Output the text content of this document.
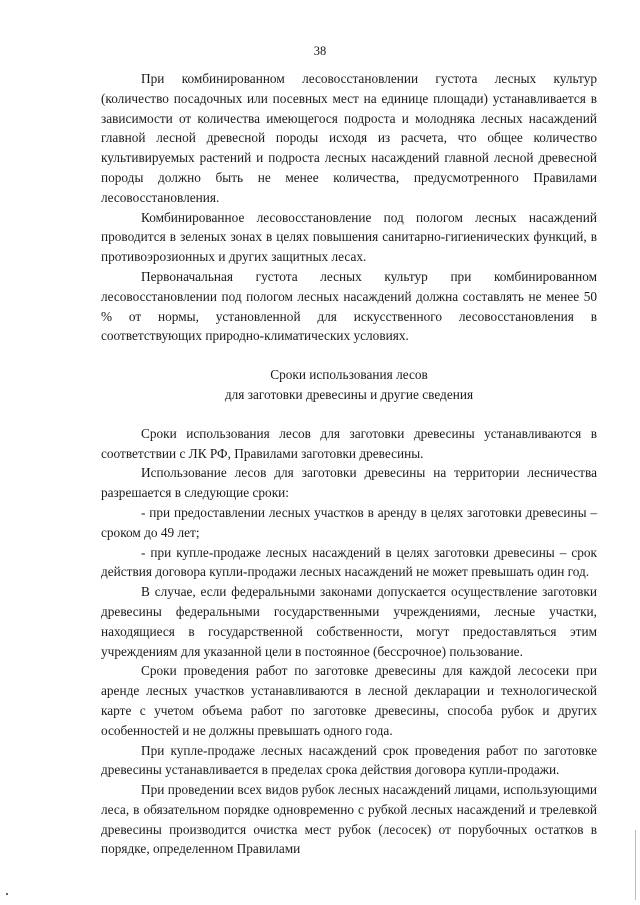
38

При комбинированном лесовосстановлении густота лесных культур (количество посадочных или посевных мест на единице площади) устанавливается в зависимости от количества имеющегося подроста и молодняка лесных насаждений главной лесной древесной породы исходя из расчета, что общее количество культивируемых растений и подроста лесных насаждений главной лесной древесной породы должно быть не менее количества, предусмотренного Правилами лесовосстановления.

Комбинированное лесовосстановление под пологом лесных насаждений проводится в зеленых зонах в целях повышения санитарно-гигиенических функций, в противоэрозионных и других защитных лесах.

Первоначальная густота лесных культур при комбинированном лесовосстановлении под пологом лесных насаждений должна составлять не менее 50 % от нормы, установленной для искусственного лесовосстановления в соответствующих природно-климатических условиях.

Сроки использования лесов
для заготовки древесины и другие сведения

Сроки использования лесов для заготовки древесины устанавливаются в соответствии с ЛК РФ, Правилами заготовки древесины.

Использование лесов для заготовки древесины на территории лесничества разрешается в следующие сроки:

- при предоставлении лесных участков в аренду в целях заготовки древесины – сроком до 49 лет;

- при купле-продаже лесных насаждений в целях заготовки древесины – срок действия договора купли-продажи лесных насаждений не может превышать один год.

В случае, если федеральными законами допускается осуществление заготовки древесины федеральными государственными учреждениями, лесные участки, находящиеся в государственной собственности, могут предоставляться этим учреждениям для указанной цели в постоянное (бессрочное) пользование.

Сроки проведения работ по заготовке древесины для каждой лесосеки при аренде лесных участков устанавливаются в лесной декларации и технологической карте с учетом объема работ по заготовке древесины, способа рубок и других особенностей и не должны превышать одного года.

При купле-продаже лесных насаждений срок проведения работ по заготовке древесины устанавливается в пределах срока действия договора купли-продажи.

При проведении всех видов рубок лесных насаждений лицами, использующими леса, в обязательном порядке одновременно с рубкой лесных насаждений и трелевкой древесины производится очистка мест рубок (лесосек) от порубочных остатков в порядке, определенном Правилами
